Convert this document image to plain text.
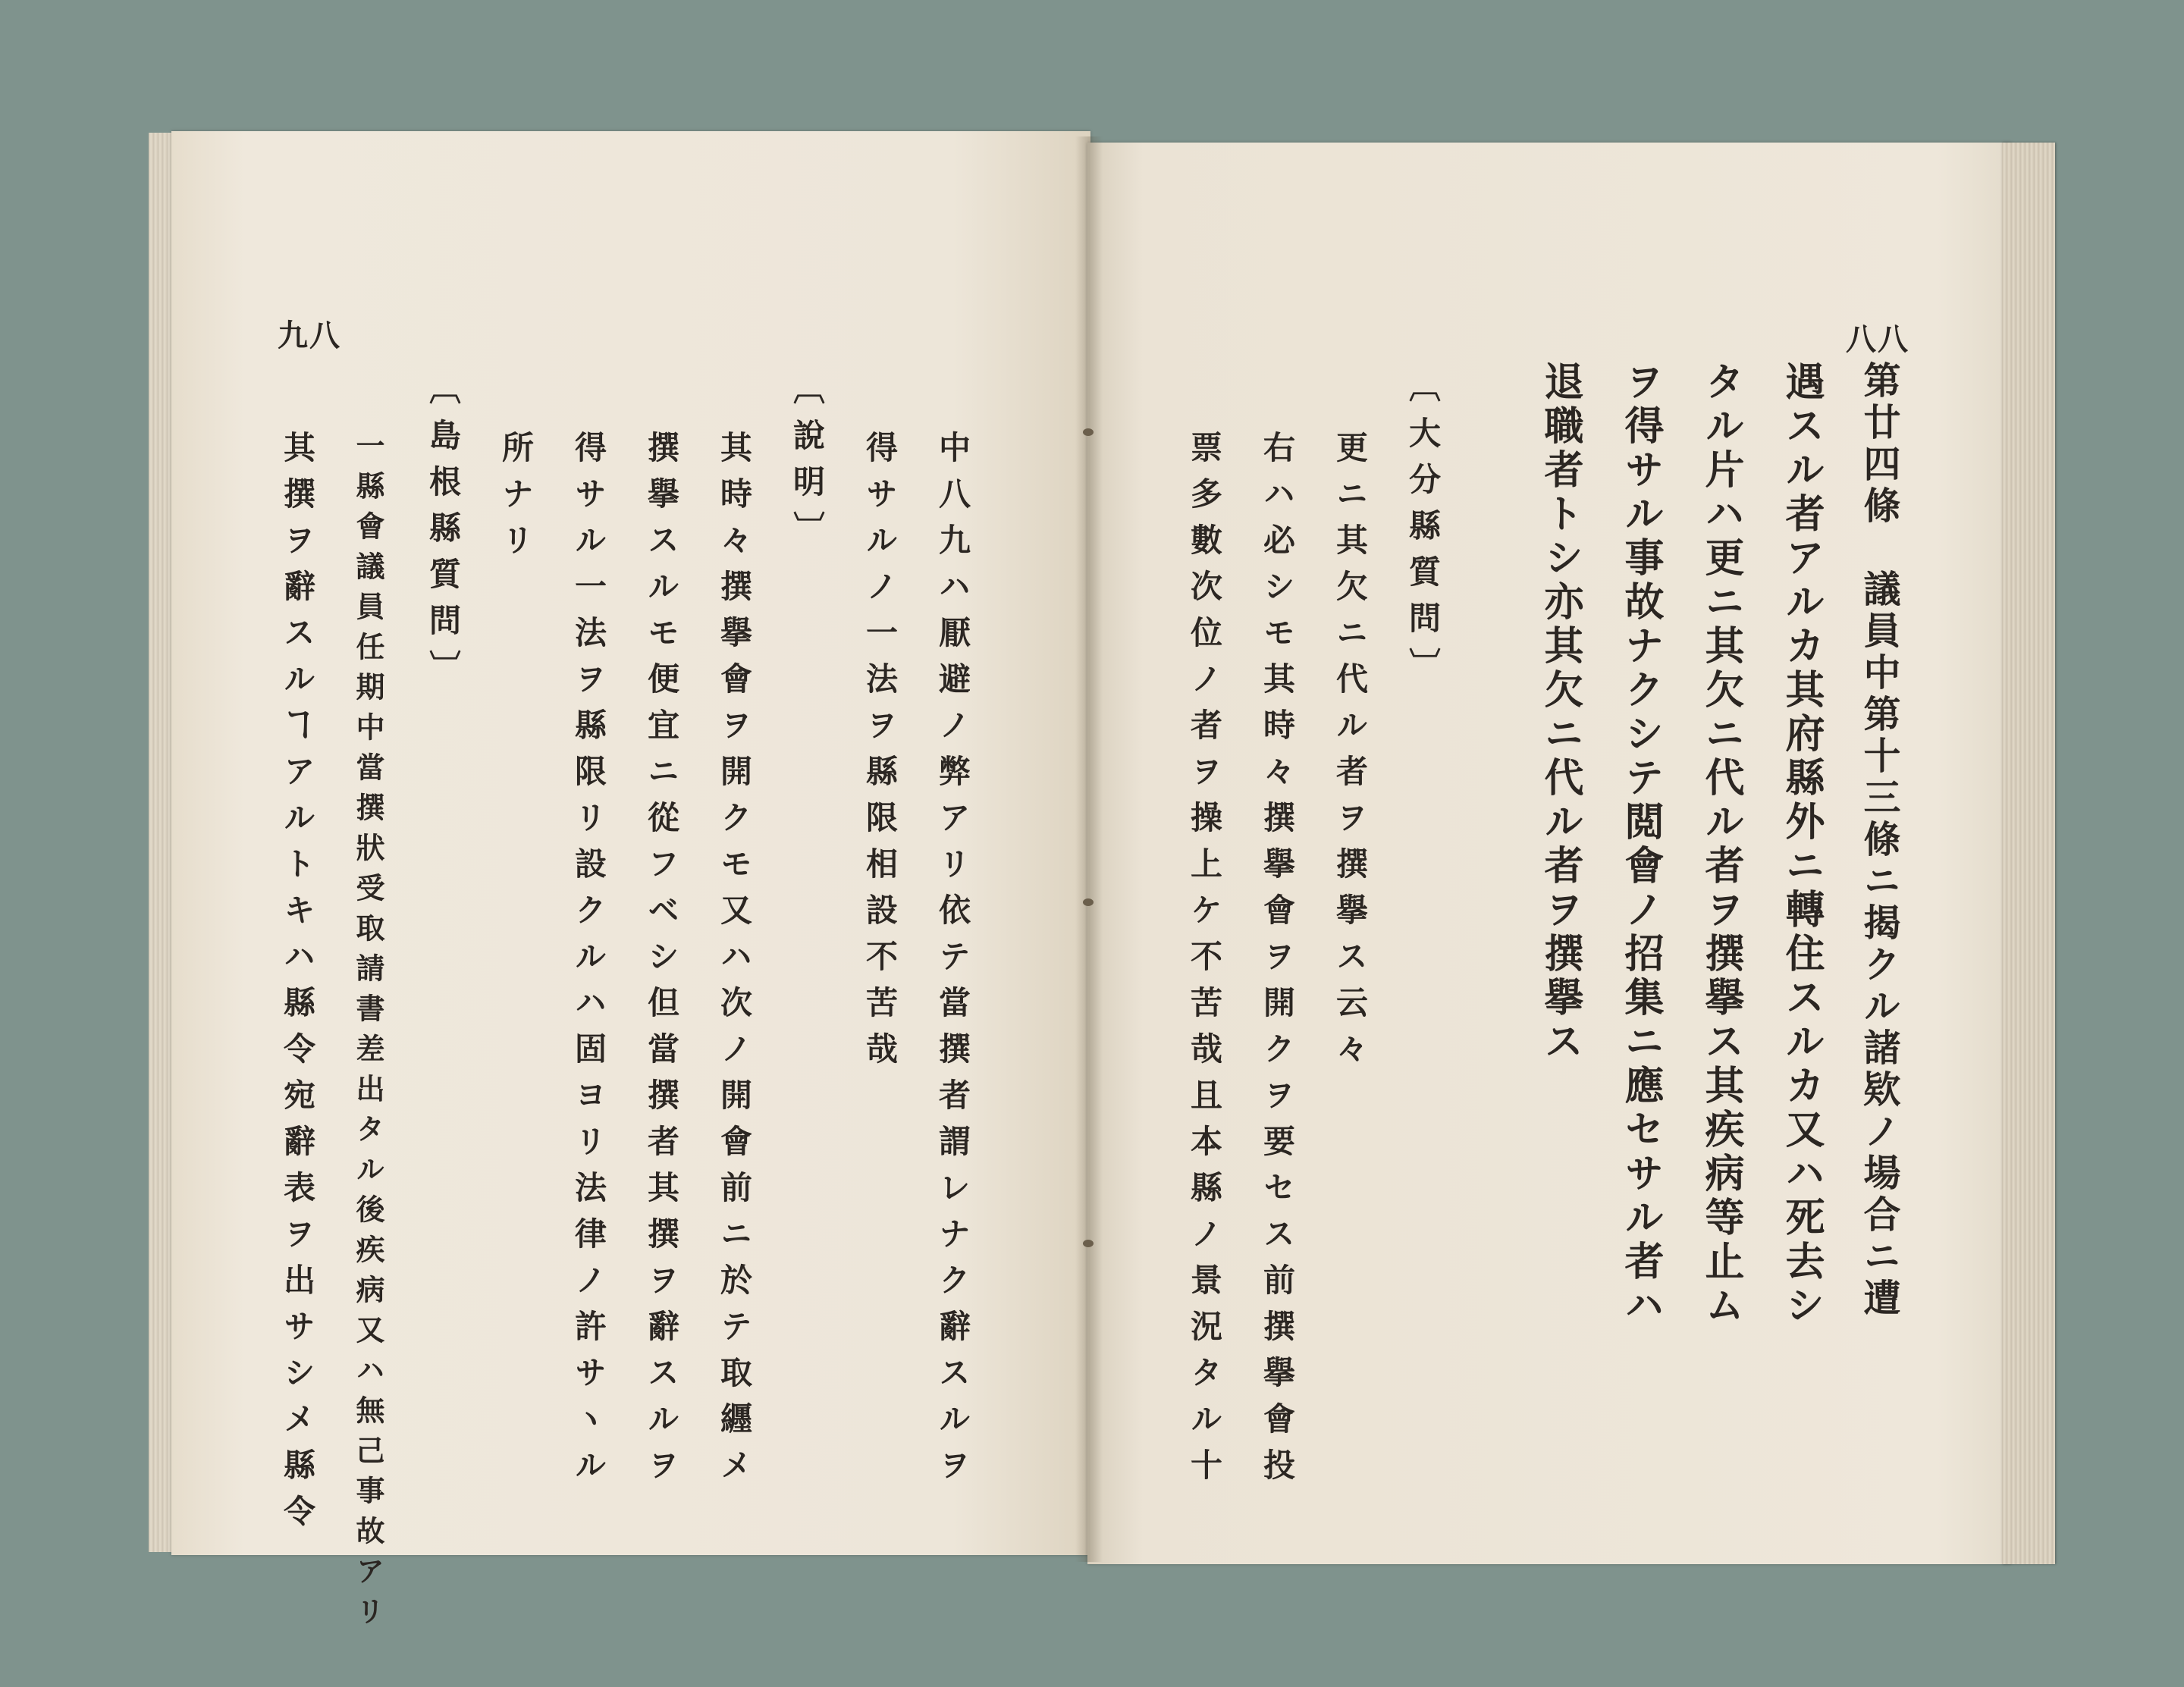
九八

中八九ハ厭避ノ弊アリ依テ當撰者謂レナク辭スルヲ

得サルノ一法ヲ縣限相設不苦哉

〔說明〕

其時々撰擧會ヲ開クモ又ハ次ノ開會前ニ於テ取纒メ

撰擧スルモ便宜ニ從フベシ但當撰者其撰ヲ辭スルヲ

得サル一法ヲ縣限リ設クルハ固ヨリ法律ノ許サヽル

所ナリ

〔島根縣質問〕

一縣會議員任期中當撰狀受取請書差出タル後疾病又ハ無己事故アリ

其撰ヲ辭スルヿアルトキハ縣令宛辭表ヲ出サシメ縣令

八八

第廿四條　議員中第十三條ニ揭クル諸欵ノ場合ニ遭

遇スル者アルカ其府縣外ニ轉住スルカ又ハ死去シ

タル片ハ更ニ其欠ニ代ル者ヲ撰擧ス其疾病等止ム

ヲ得サル事故ナクシテ閲會ノ招集ニ應セサル者ハ

退職者トシ亦其欠ニ代ル者ヲ撰擧ス

〔大分縣質問〕

更ニ其欠ニ代ル者ヲ撰擧ス云々

右ハ必シモ其時々撰擧會ヲ開クヲ要セス前撰擧會投

票多數次位ノ者ヲ操上ケ不苦哉且本縣ノ景況タル十
